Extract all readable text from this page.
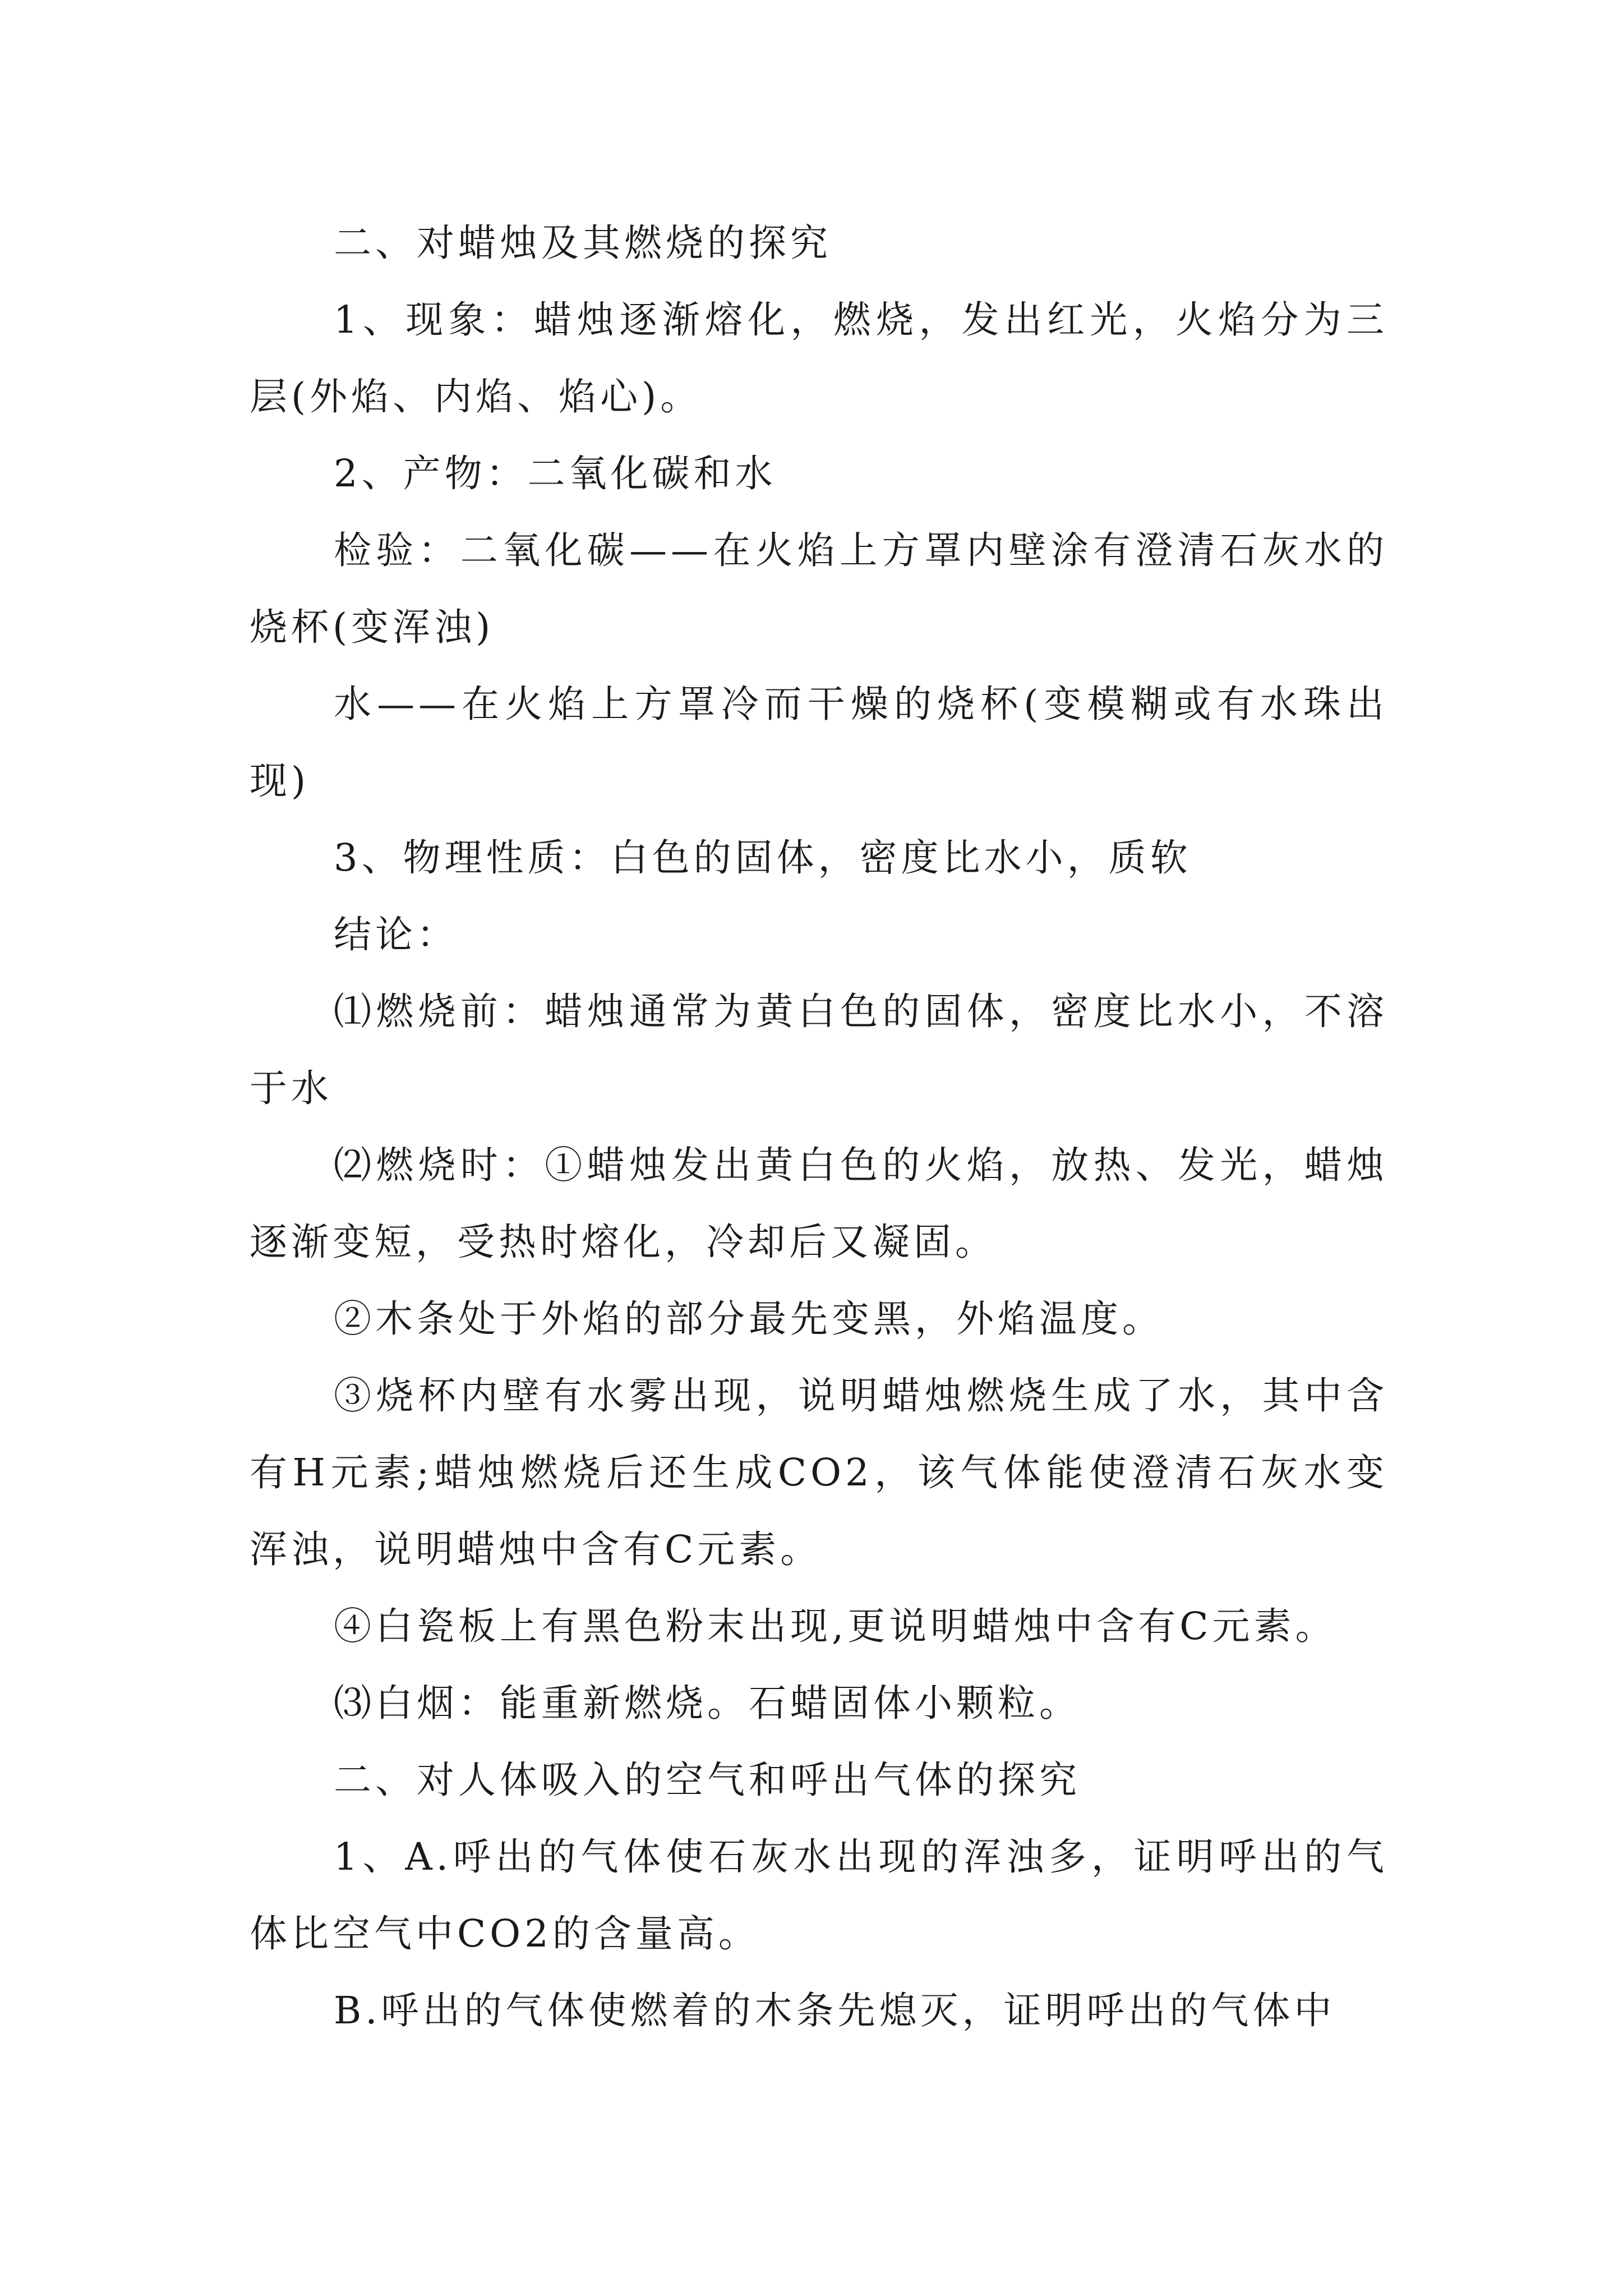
二、对蜡烛及其燃烧的探究

1、现象：蜡烛逐渐熔化，燃烧，发出红光，火焰分为三层(外焰、内焰、焰心)。

2、产物：二氧化碳和水

检验：二氧化碳——在火焰上方罩内壁涂有澄清石灰水的烧杯(变浑浊)

水——在火焰上方罩冷而干燥的烧杯(变模糊或有水珠出现)

3、物理性质：白色的固体，密度比水小，质软

结论：

⑴燃烧前：蜡烛通常为黄白色的固体，密度比水小，不溶于水

⑵燃烧时：①蜡烛发出黄白色的火焰，放热、发光，蜡烛逐渐变短，受热时熔化，冷却后又凝固。

②木条处于外焰的部分最先变黑，外焰温度。

③烧杯内壁有水雾出现，说明蜡烛燃烧生成了水，其中含有H元素;蜡烛燃烧后还生成CO2，该气体能使澄清石灰水变浑浊，说明蜡烛中含有C元素。

④白瓷板上有黑色粉末出现,更说明蜡烛中含有C元素。

⑶白烟：能重新燃烧。石蜡固体小颗粒。

二、对人体吸入的空气和呼出气体的探究

1、A.呼出的气体使石灰水出现的浑浊多，证明呼出的气体比空气中CO2的含量高。

B.呼出的气体使燃着的木条先熄灭，证明呼出的气体中
